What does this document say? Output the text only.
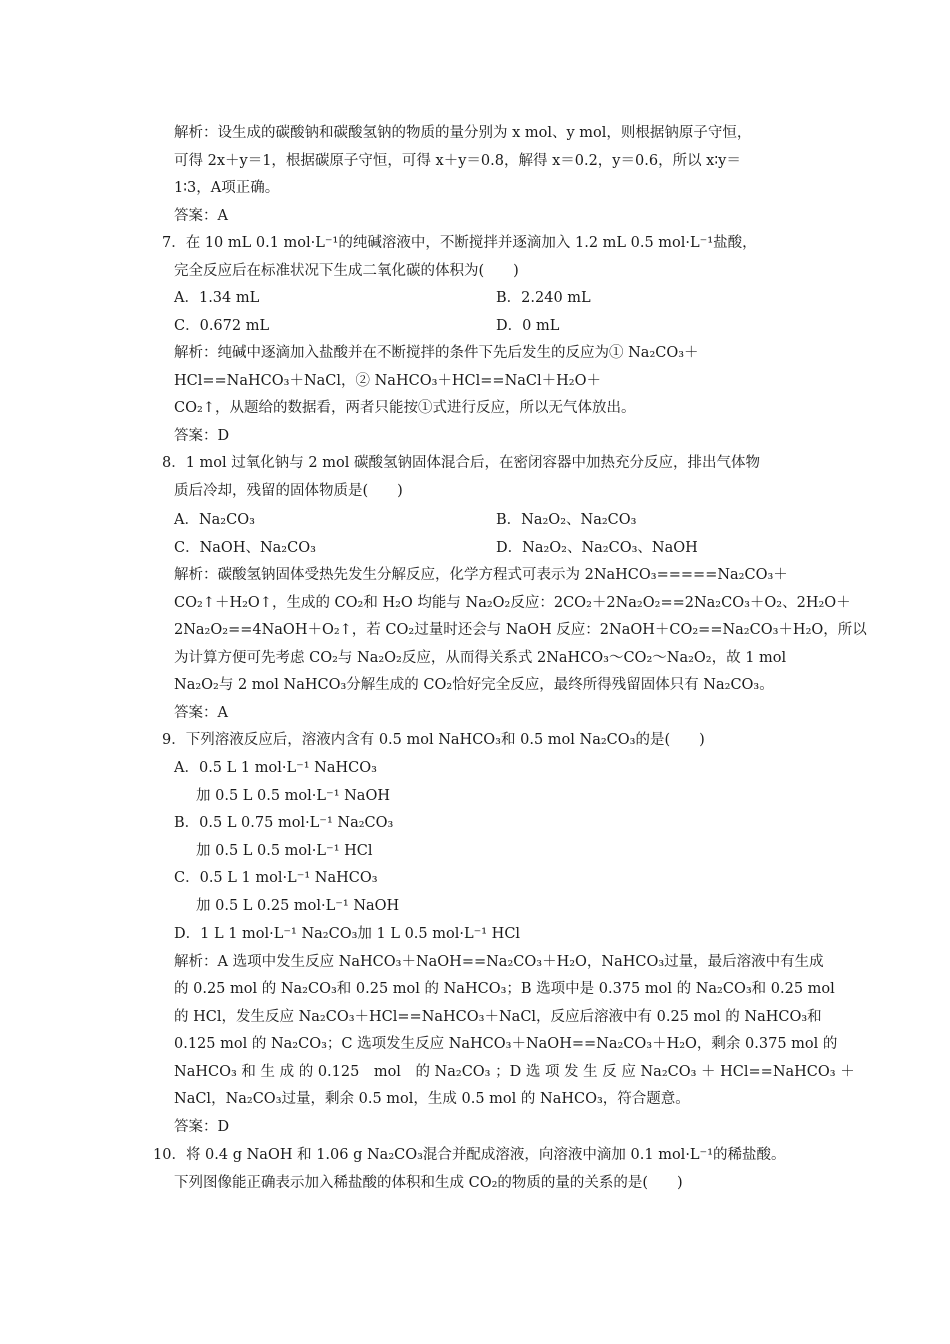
解析：设生成的碳酸钠和碳酸氢钠的物质的量分别为 x mol、y mol，则根据钠原子守恒，
可得 2x＋y＝1，根据碳原子守恒，可得 x＋y＝0.8，解得 x＝0.2，y＝0.6，所以 x∶y＝
1∶3，A项正确。
答案：A
7．在 10 mL 0.1 mol·L⁻¹的纯碱溶液中，不断搅拌并逐滴加入 1.2 mL 0.5 mol·L⁻¹盐酸，
完全反应后在标准状况下生成二氧化碳的体积为(　　)
A．1.34 mL	B．2.240 mL
C．0.672 mL	D．0 mL
解析：纯碱中逐滴加入盐酸并在不断搅拌的条件下先后发生的反应为① Na₂CO₃＋
HCl==NaHCO₃＋NaCl，② NaHCO₃＋HCl==NaCl＋H₂O＋
CO₂↑，从题给的数据看，两者只能按①式进行反应，所以无气体放出。
答案：D
8．1 mol 过氧化钠与 2 mol 碳酸氢钠固体混合后，在密闭容器中加热充分反应，排出气体物
质后冷却，残留的固体物质是(　　)
A．Na₂CO₃	B．Na₂O₂、Na₂CO₃
C．NaOH、Na₂CO₃	D．Na₂O₂、Na₂CO₃、NaOH
解析：碳酸氢钠固体受热先发生分解反应，化学方程式可表示为 2NaHCO₃=====Na₂CO₃＋
CO₂↑＋H₂O↑，生成的 CO₂和 H₂O 均能与 Na₂O₂反应：2CO₂＋2Na₂O₂==2Na₂CO₃＋O₂、2H₂O＋
2Na₂O₂==4NaOH＋O₂↑，若 CO₂过量时还会与 NaOH 反应：2NaOH＋CO₂==Na₂CO₃＋H₂O，所以
为计算方便可先考虑 CO₂与 Na₂O₂反应，从而得关系式 2NaHCO₃～CO₂～Na₂O₂，故 1 mol
Na₂O₂与 2 mol NaHCO₃分解生成的 CO₂恰好完全反应，最终所得残留固体只有 Na₂CO₃。
答案：A
9．下列溶液反应后，溶液内含有 0.5 mol NaHCO₃和 0.5 mol Na₂CO₃的是(　　)
A．0.5 L 1 mol·L⁻¹ NaHCO₃
加 0.5 L 0.5 mol·L⁻¹ NaOH
B．0.5 L 0.75 mol·L⁻¹ Na₂CO₃
加 0.5 L 0.5 mol·L⁻¹ HCl
C．0.5 L 1 mol·L⁻¹ NaHCO₃
加 0.5 L 0.25 mol·L⁻¹ NaOH
D．1 L 1 mol·L⁻¹ Na₂CO₃加 1 L 0.5 mol·L⁻¹ HCl
解析：A 选项中发生反应 NaHCO₃＋NaOH==Na₂CO₃＋H₂O，NaHCO₃过量，最后溶液中有生成
的 0.25 mol 的 Na₂CO₃和 0.25 mol 的 NaHCO₃；B 选项中是 0.375 mol 的 Na₂CO₃和 0.25 mol
的 HCl，发生反应 Na₂CO₃＋HCl==NaHCO₃＋NaCl，反应后溶液中有 0.25 mol 的 NaHCO₃和
0.125 mol 的 Na₂CO₃；C 选项发生反应 NaHCO₃＋NaOH==Na₂CO₃＋H₂O，剩余 0.375 mol 的
NaHCO₃ 和 生 成 的 0.125　mol　的 Na₂CO₃ ；D 选 项 发 生 反 应 Na₂CO₃ ＋ HCl==NaHCO₃ ＋
NaCl，Na₂CO₃过量，剩余 0.5 mol，生成 0.5 mol 的 NaHCO₃，符合题意。
答案：D
10．将 0.4 g NaOH 和 1.06 g Na₂CO₃混合并配成溶液，向溶液中滴加 0.1 mol·L⁻¹的稀盐酸。
下列图像能正确表示加入稀盐酸的体积和生成 CO₂的物质的量的关系的是(　　)
